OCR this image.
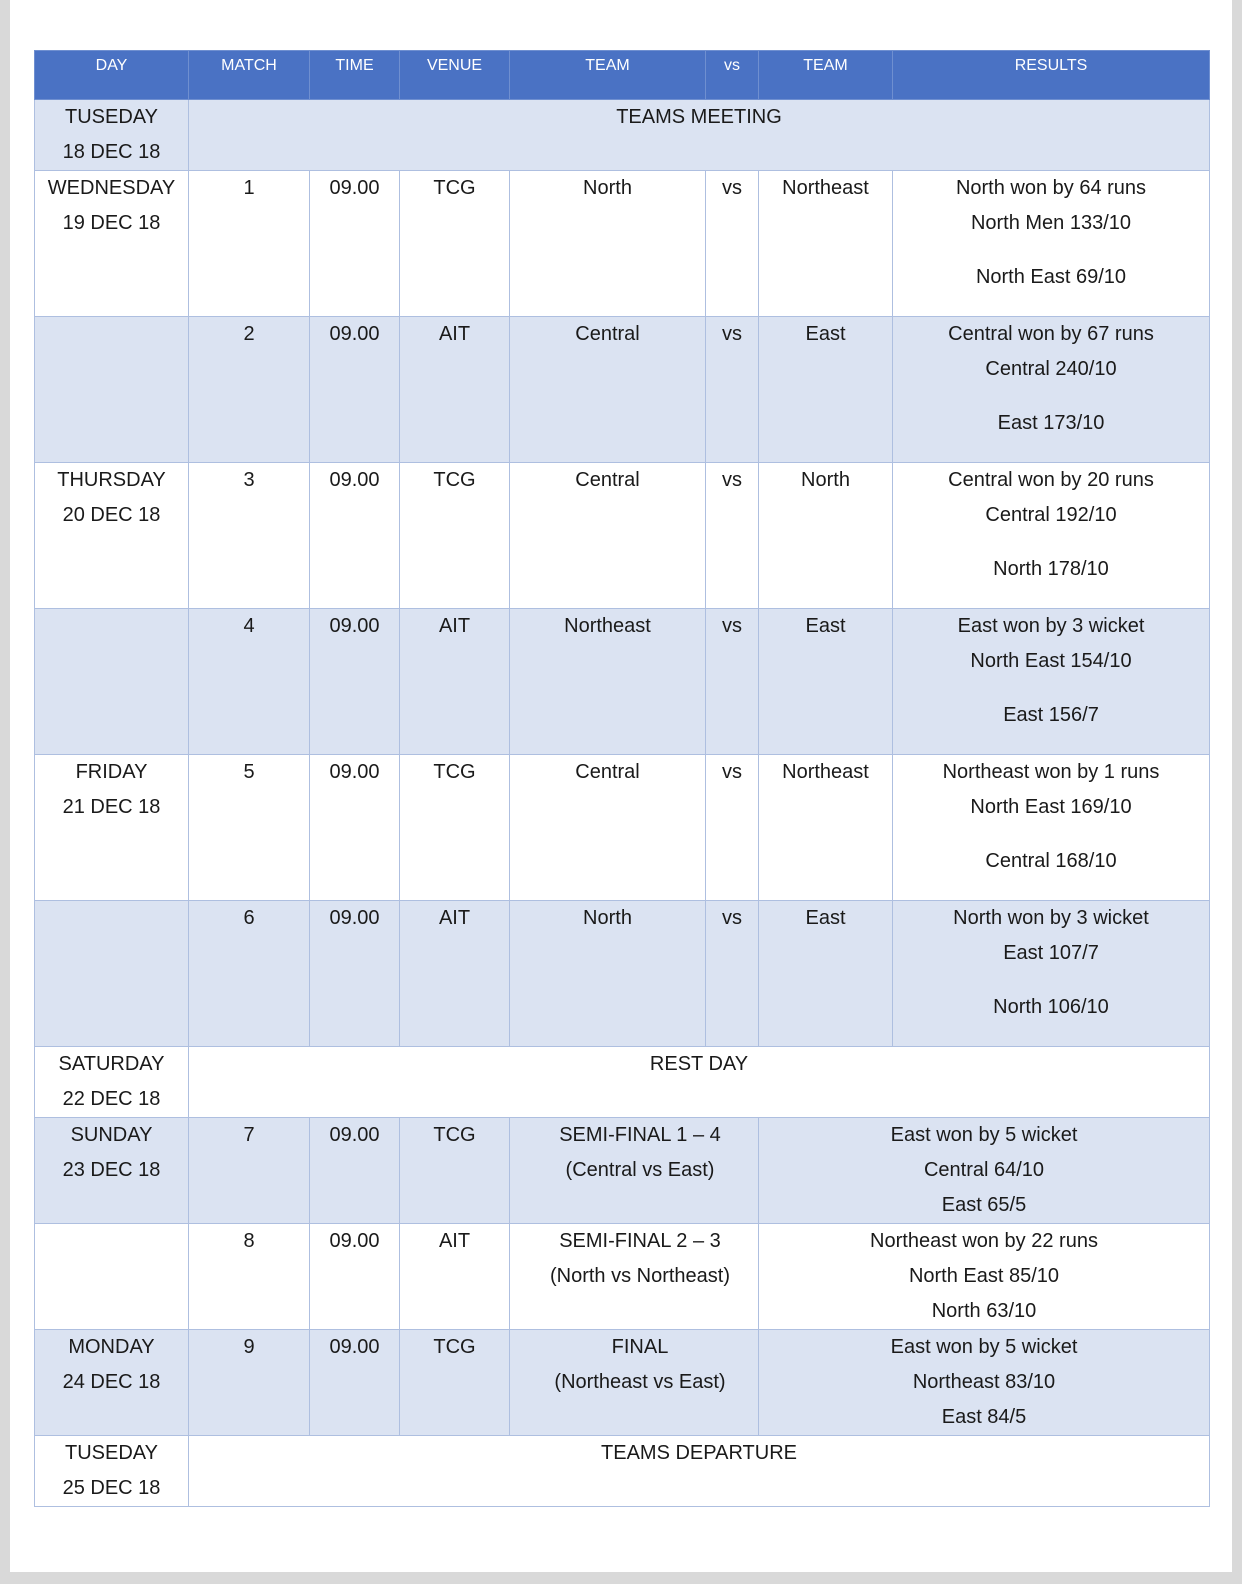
DAY	MATCH	TIME	VENUE	TEAM	vs	TEAM	RESULTS

TUSEDAY
18 DEC 18	TEAMS MEETING						

WEDNESDAY
19 DEC 18	1	09.00	TCG	North	vs	Northeast	North won by 64 runs
North Men 133/10
North East 69/10

	2	09.00	AIT	Central	vs	East	Central won by 67 runs
Central 240/10
East 173/10

THURSDAY
20 DEC 18	3	09.00	TCG	Central	vs	North	Central won by 20 runs
Central 192/10
North 178/10

	4	09.00	AIT	Northeast	vs	East	East won by 3 wicket
North East 154/10
East 156/7

FRIDAY
21 DEC 18	5	09.00	TCG	Central	vs	Northeast	Northeast won by 1 runs
North East 169/10
Central 168/10

	6	09.00	AIT	North	vs	East	North won by 3 wicket
East 107/7
North 106/10

SATURDAY
22 DEC 18	REST DAY						

SUNDAY
23 DEC 18	7	09.00	TCG	SEMI-FINAL 1 – 4
(Central vs East)		East won by 5 wicket
Central 64/10
East 65/5	

	8	09.00	AIT	SEMI-FINAL 2 – 3
(North vs Northeast)		Northeast won by 22 runs
North East 85/10
North 63/10	

MONDAY
24 DEC 18	9	09.00	TCG	FINAL
(Northeast vs East)		East won by 5 wicket
Northeast 83/10
East 84/5	

TUSEDAY
25 DEC 18	TEAMS DEPARTURE						
